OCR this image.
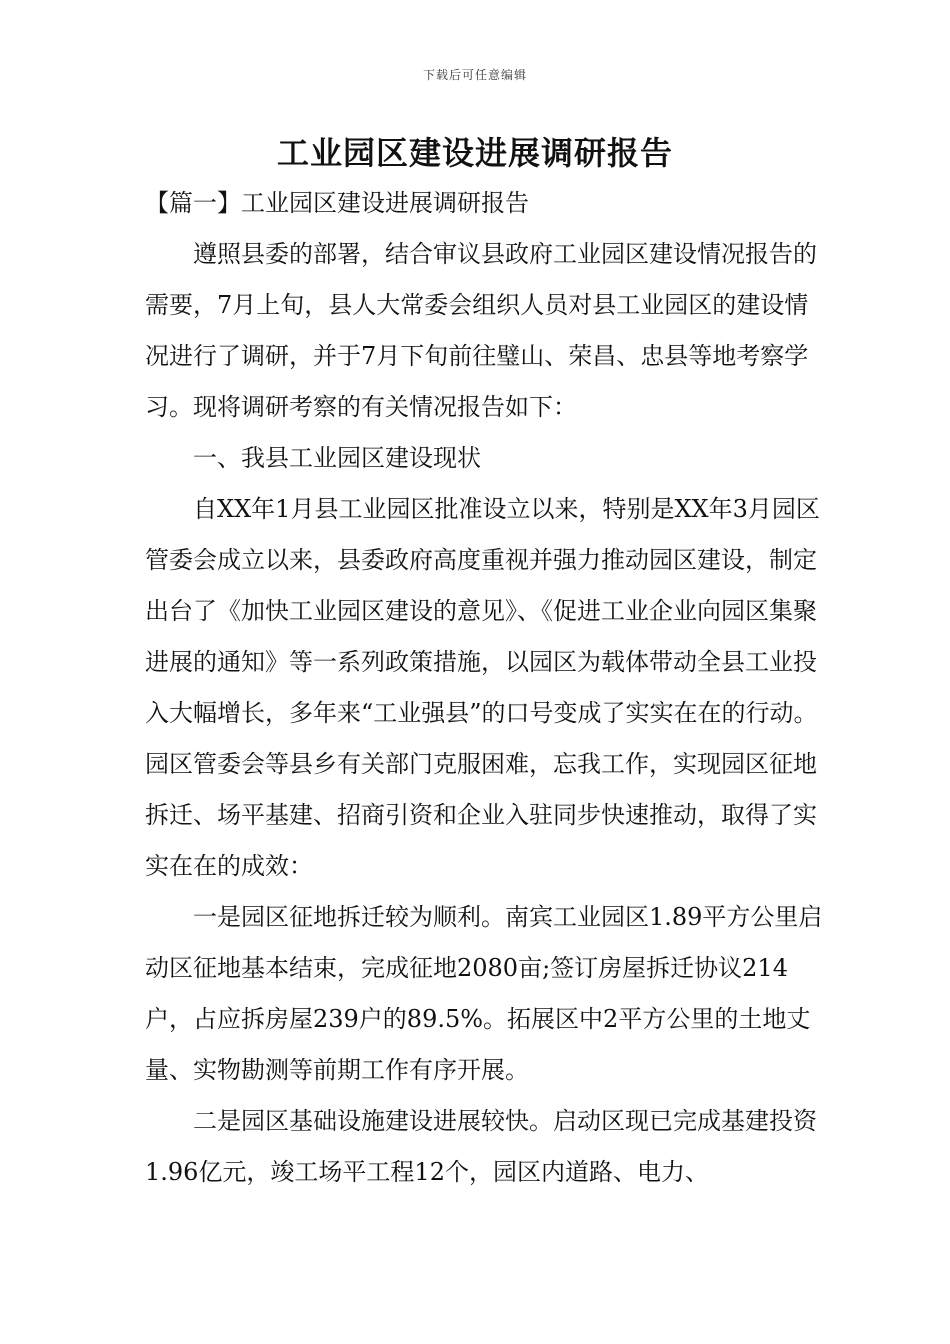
下载后可任意编辑
工业园区建设进展调研报告

【篇一】工业园区建设进展调研报告

遵照县委的部署，结合审议县政府工业园区建设情况报告的需要，7月上旬，县人大常委会组织人员对县工业园区的建设情况进行了调研，并于7月下旬前往璧山、荣昌、忠县等地考察学习。现将调研考察的有关情况报告如下：

一、我县工业园区建设现状

自XX年1月县工业园区批准设立以来，特别是XX年3月园区管委会成立以来，县委政府高度重视并强力推动园区建设，制定出台了《加快工业园区建设的意见》、《促进工业企业向园区集聚进展的通知》等一系列政策措施，以园区为载体带动全县工业投入大幅增长，多年来“工业强县”的口号变成了实实在在的行动。园区管委会等县乡有关部门克服困难，忘我工作，实现园区征地拆迁、场平基建、招商引资和企业入驻同步快速推动，取得了实实在在的成效：

一是园区征地拆迁较为顺利。南宾工业园区1.89平方公里启动区征地基本结束，完成征地2080亩;签订房屋拆迁协议214户，占应拆房屋239户的89.5%。拓展区中2平方公里的土地丈量、实物勘测等前期工作有序开展。

二是园区基础设施建设进展较快。启动区现已完成基建投资1.96亿元，竣工场平工程12个，园区内道路、电力、
